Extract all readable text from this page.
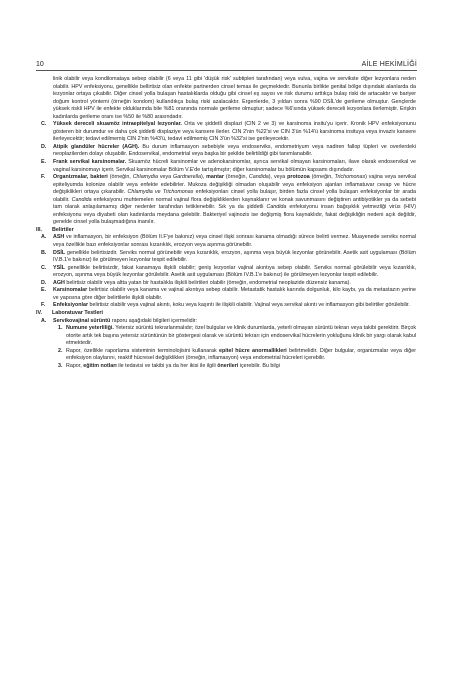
10	AİLE HEKİMLİĞİ

linik olabilir veya kondilomataya sebep olabilir (6 veya 11 gibi 'düşük risk' subtipleri tarafından) veya vulva, vajina ve servikste diğer lezyonlara neden olabilir. HPV enfeksiyonu, genellikle bellirtisiz olan enfekte partnerden cinsel temas ile geçmektedir. Bununla birlikte genital bölge dışındaki alanlarda da lezyonlar ortaya çıkabilir. Diğer cinsel yolla bulaşan hastalıklarda olduğu gibi cinsel eş sayısı ve risk durumu arttıkça bulaş riski de artacaktır ve bariyer doğum kontrol yöntemi (örneğin kondom) kullandıkça bulaş riski azalacaktır. Ergenlerde, 3 yıldan sonra %90 DSİL'de gerileme olmuştur. Gençlerde yüksek riskli HPV ile enfekte olduklarında bile %81 oranında normale gerileme olmuştur; sadece %6'sında yüksek dereceli lezyonlara ilerlemiştir. Erişkin kadınlarda gerileme oranı ise %50 ile %80 arasındadır.

C. Yüksek dereceli skuamöz intraepitelyal lezyonlar. Orta ve şiddetli displazi (CIN 2 ve 3) ve karsinoma insitu'yu içerir. Kronik HPV enfeksiyonunu gösteren bir durumdur ve daha çok şiddetli displaziye veya kansere ilerler. CIN 2'nin %22'si ve CIN 3'ün %14'ü karsinoma insituya veya invaziv kansere ilerleyecektir; tedavi edilmemiş CIN 2'nin %43'ü, tedavi edilmemiş CIN 3'ün %32'si ise gerileyecektir.
D. Atipik glandüler hücreler (AGH). Bu durum inflamasyon sebebiyle veya endoserviks, endometriyum veya nadiren fallop tüpleri ve overlerdeki neoplazilerden dolayı oluşabilir. Endoservikal, endometrial veya başka bir şekilde belirtildiği gibi tanımlanabilir.
E. Frank servikal karsinomalar. Skuamöz hücreli karsinomlar ve adenokarsinomlar, ayrıca servikal olmayan karsinomaları, ilave olarak endoservikal ve vaginal karsinomayı içerir. Servikal karsinomalar Bölüm V.E'de tartışılmıştır; diğer karsinomalar bu bölümün kapsamı dışındadır.
F. Organizmalar, bakteri (örneğin, Chlamydia veya Gardnerella), mantar (örneğin, Candida), veya protozoa (örneğin, Trichomonas) vajina veya servikal epiteliyumda kolonize olabilir veya enfekte edebilirler. Mukoza değişikliği olmadan oluşabilir veya enfeksiyon ajanları inflamatuvar cevap ve hücre değişiklikleri ortaya çıkarabilir. Chlamydia ve Trichomonas enfeksiyonları cinsel yolla bulaşır, birden fazla cinsel yolla bulaşan enfeksiyonlar bir arada olabilir. Candida enfeksiyonu muhtemelen normal vajinal flora değişikliklerden kaynaklanır ve konak savunmasını değiştiren antibiyotikler ya da sebebi tam olarak anlaşılamamış diğer nedenler tarafından tetiklenebilir. Sık ya da şiddetli Candida enfeksiyonu insan bağışıklık yetmezliği virüs (HIV) enfeksiyonu veya diyabeti olan kadınlarda meydana gelebilir. Bakteriyel vajinozis ise değişmiş flora kaynaklıdır, fakat değişikliğin nedeni açık değildir, genelde cinsel yolla bulaşmadığına inanılır.
III. Belirtiler
A. ASH ve inflamasyon, bir enfeksiyon (Bölüm II.F'ye bakınız) veya cinsel ilişki sonrası kanama olmadığı sürece belirti vermez. Muayenede serviks normal veya özellikle bazı enfeksiyonlar sonrası kızarıklık, erozyon veya aşınma görünebilir.
B. DSİL genellikle belirtisizdir. Serviks normal görünebilir veya kızarıklık, erozyon, aşınma veya büyük lezyonlar görünebilir. Asetik asit uygulaması (Bölüm IV.B.1'e bakınız) ile görülmeyen lezyonlar tespit edilebilir.
C. YSİL genellikle belirtisizdir, fakat kanamaya ilişkili olabilir; geniş lezyonlar vajinal akıntıya sebep olabilir. Serviks normal görülebilir veya kızarıklık, erozyon, aşınma veya büyük lezyonlar görülebilir. Asetik asit uygulaması (Bölüm IV.B.1'e bakınız) ile görülmeyen lezyonlar tespit edilebilir.
D. AGH belirtisiz olabilir veya altta yatan bir hastalıkla ilişkili belirtileri olabilir (örneğin, endometrial neoplazide düzensiz kanama).
E. Karsinomalar belirtisiz olabilir veya kanama ve vajinal akıntıya sebep olabilir. Metastatik hastalık karında dolgunluk, kilo kaybı, ya da metastazın yerine ve yapısına göre diğer belirtilerle ilişkili olabilir.
F. Enfeksiyonlar belirtisiz olabilir veya vajinal akıntı, koku veya kaşıntı ile ilişkili olabilir. Vajinal veya servikal akıntı ve inflamasyon gibi belirtiler görülebilir.
IV. Laboratuvar Testleri
A. Servikovajinal sürüntü raporu aşağıdaki bilgileri içermelidir:
1. Numune yeterliliği. Yetersiz sürüntü tekrarlanmalıdır; özel bulgular ve klinik durumlarda, yeterli olmayan sürüntü tekrarı veya takibi gerektirir. Birçok otorite artık tek başına yetersiz sürüntünün bir göstergesi olarak ve sürüntü tekrarı için endoservikal hücrelerin yokluğunu klinik bir yargı olarak kabul etmektedir.
2. Rapor, özellikle raporlama sisteminin terminolojisini kullanarak epitel hücre anormallikleri belirtmelidir. Diğer bulgular, organizmalar veya diğer enfeksiyon olaylarını, reaktif hücresel değişiklikleri (örneğin, inflamasyon) veya endometrial hücreleri içerebilir.
3. Rapor, eğitim notları ile tedavisi ve takibi ya da her ikisi ile ilgili önerileri içerebilir. Bu bilgi
